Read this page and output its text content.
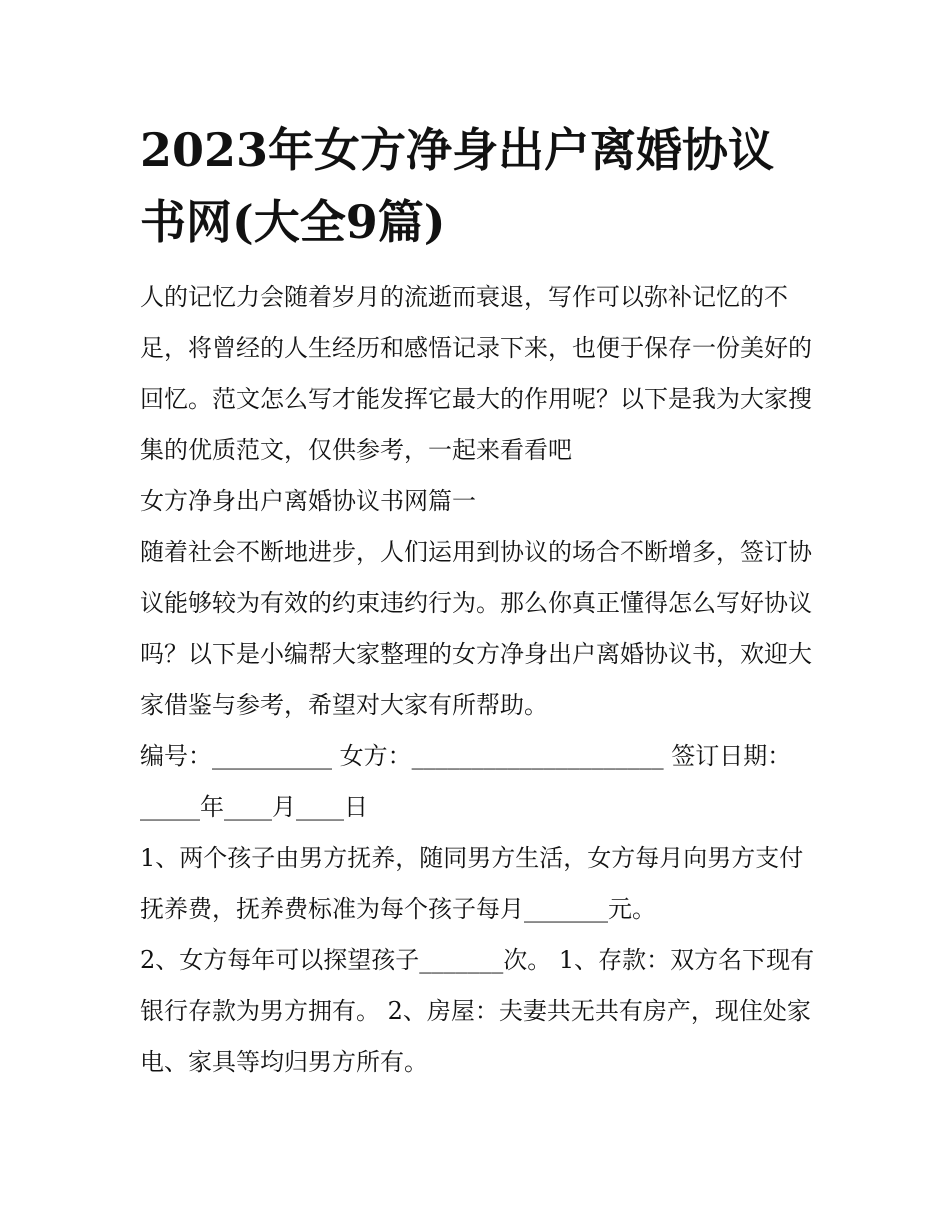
2023年女方净身出户离婚协议书网(大全9篇)

人的记忆力会随着岁月的流逝而衰退，写作可以弥补记忆的不足，将曾经的人生经历和感悟记录下来，也便于保存一份美好的回忆。范文怎么写才能发挥它最大的作用呢？以下是我为大家搜集的优质范文，仅供参考，一起来看看吧

女方净身出户离婚协议书网篇一

随着社会不断地进步，人们运用到协议的场合不断增多，签订协议能够较为有效的约束违约行为。那么你真正懂得怎么写好协议吗？以下是小编帮大家整理的女方净身出户离婚协议书，欢迎大家借鉴与参考，希望对大家有所帮助。

编号：__________ 女方：_____________________ 签订日期：_____年____月____日

1、两个孩子由男方抚养，随同男方生活，女方每月向男方支付抚养费，抚养费标准为每个孩子每月_______元。

2、女方每年可以探望孩子_______次。 1、存款：双方名下现有银行存款为男方拥有。 2、房屋：夫妻共无共有房产，现住处家电、家具等均归男方所有。
